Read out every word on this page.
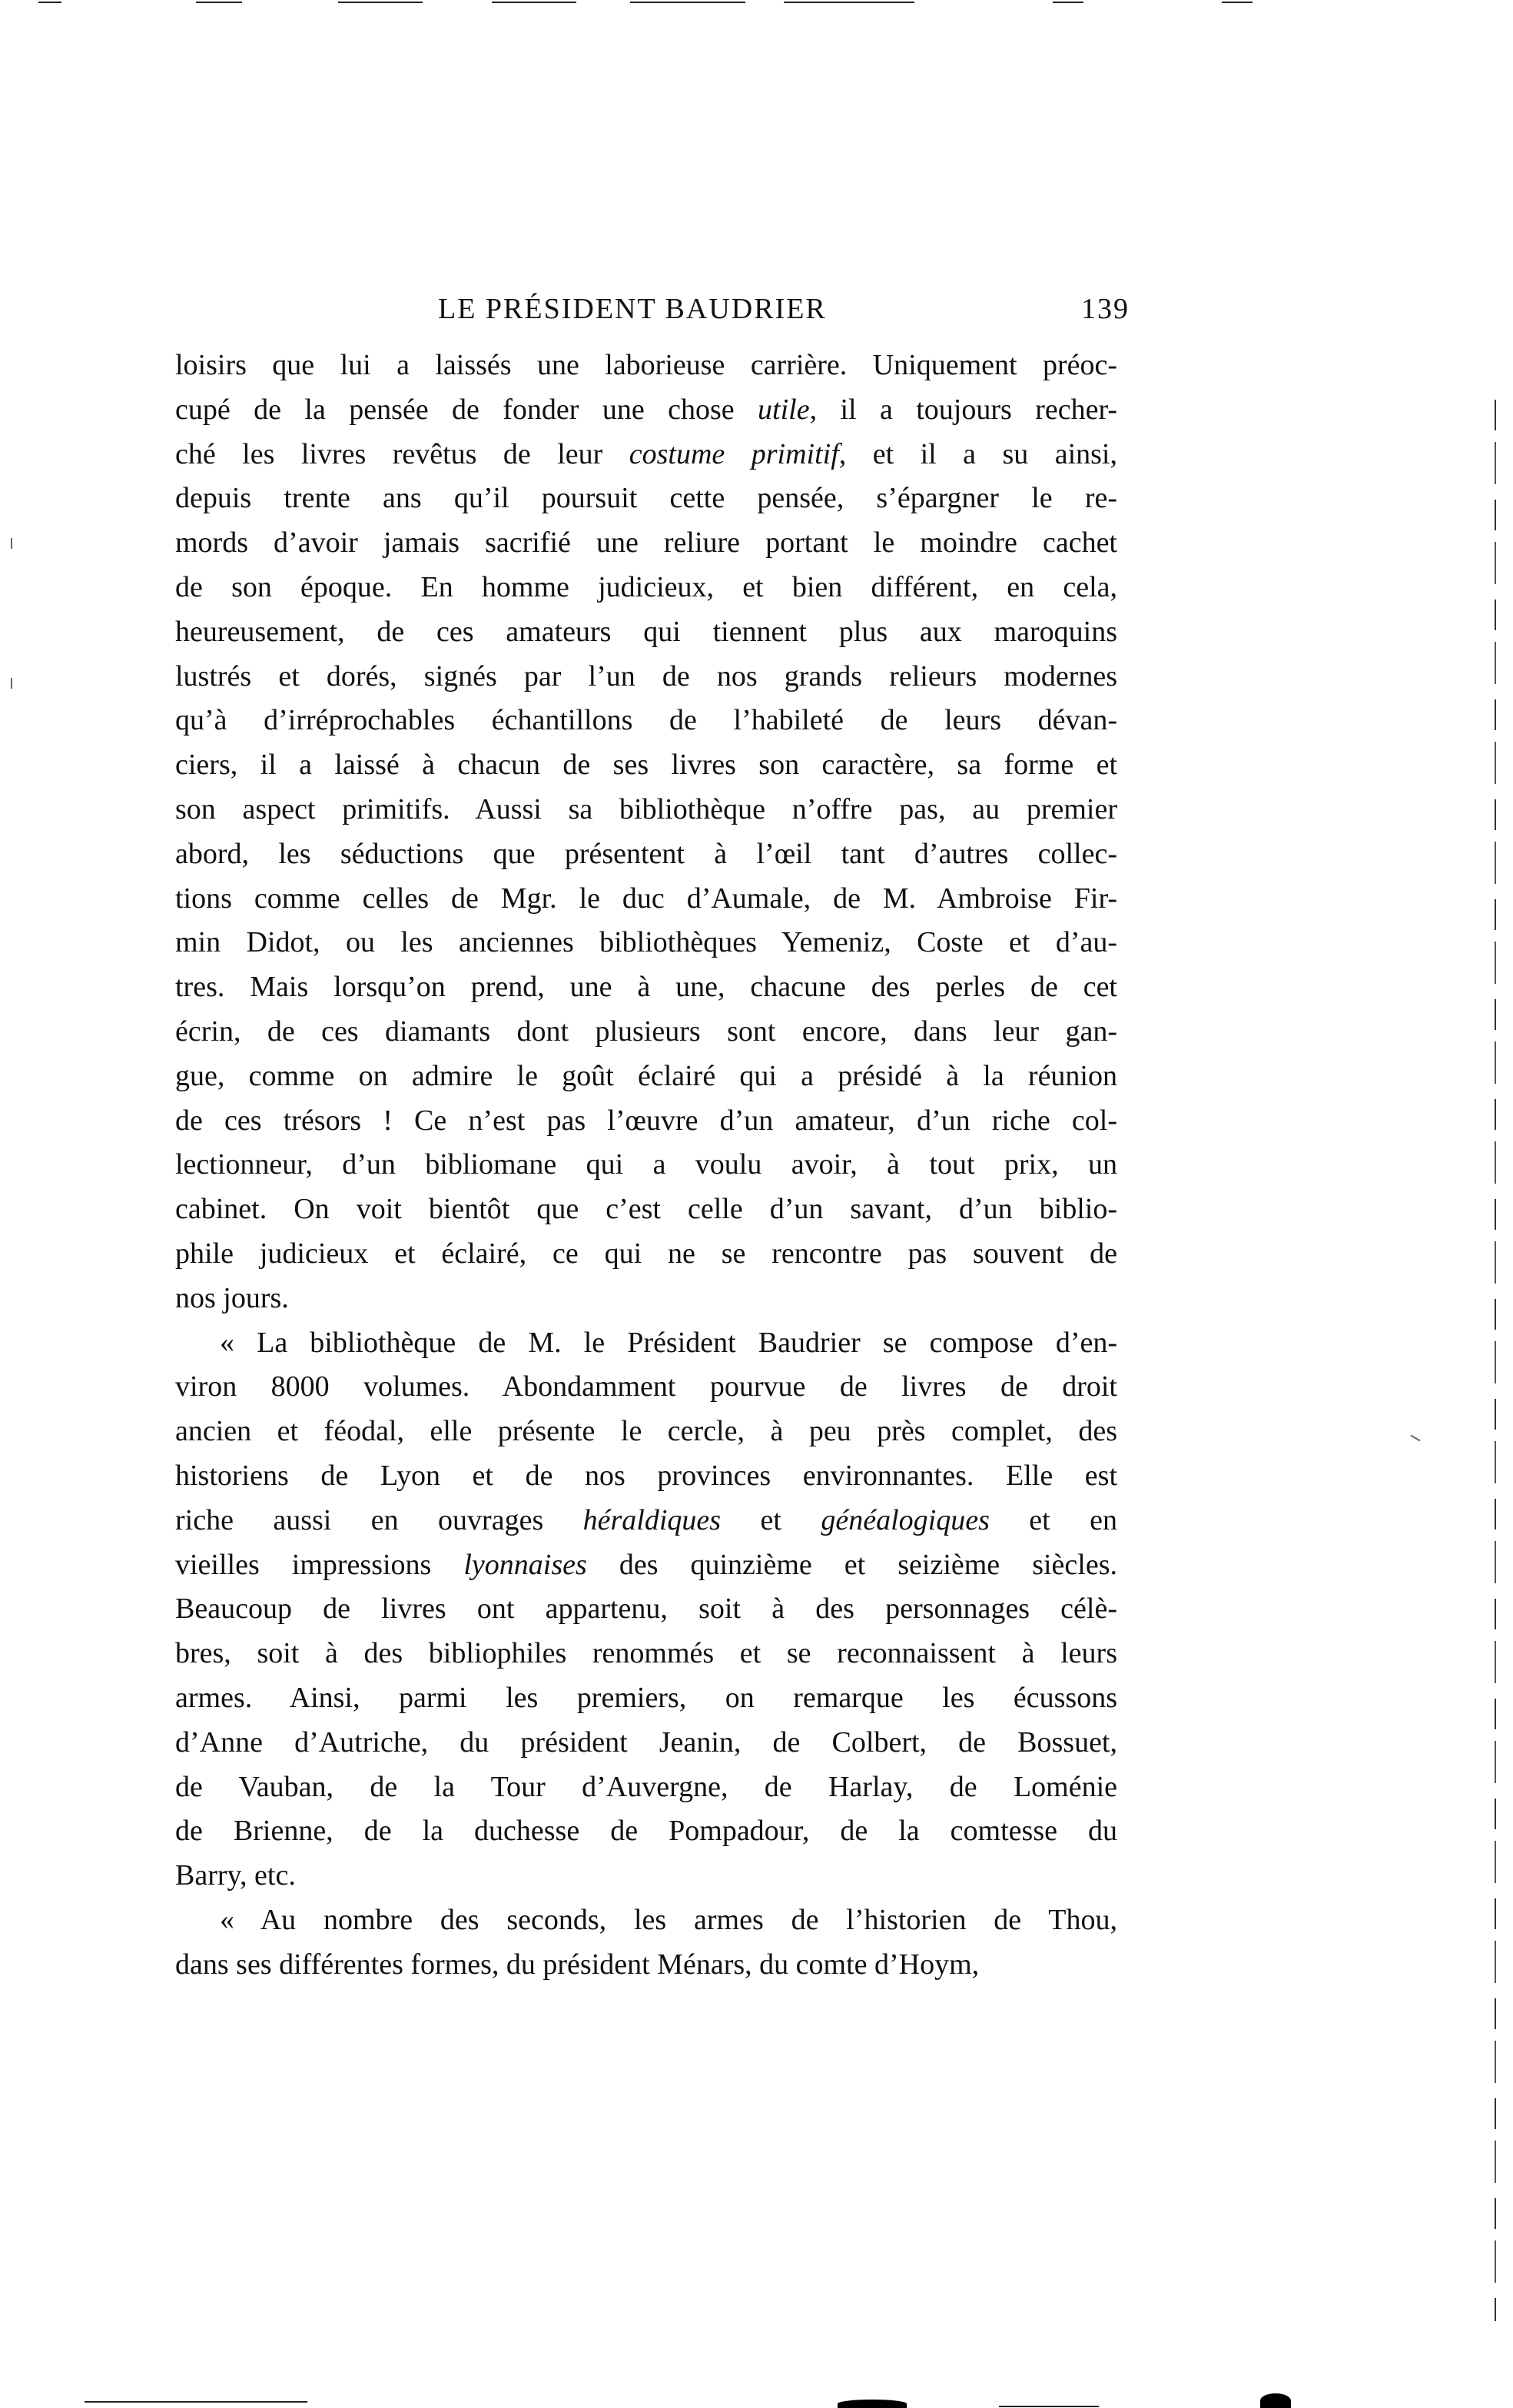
LE PRÉSIDENT BAUDRIER	139
loisirs que lui a laissés une laborieuse carrière. Uniquement préoc-
cupé de la pensée de fonder une chose utile, il a toujours recher-
ché les livres revêtus de leur costume primitif, et il a su ainsi,
depuis trente ans qu’il poursuit cette pensée, s’épargner le re-
mords d’avoir jamais sacrifié une reliure portant le moindre cachet
de son époque. En homme judicieux, et bien différent, en cela,
heureusement, de ces amateurs qui tiennent plus aux maroquins
lustrés et dorés, signés par l’un de nos grands relieurs modernes
qu’à d’irréprochables échantillons de l’habileté de leurs dévan-
ciers, il a laissé à chacun de ses livres son caractère, sa forme et
son aspect primitifs. Aussi sa bibliothèque n’offre pas, au premier
abord, les séductions que présentent à l’œil tant d’autres collec-
tions comme celles de Mgr. le duc d’Aumale, de M. Ambroise Fir-
min Didot, ou les anciennes bibliothèques Yemeniz, Coste et d’au-
tres. Mais lorsqu’on prend, une à une, chacune des perles de cet
écrin, de ces diamants dont plusieurs sont encore, dans leur gan-
gue, comme on admire le goût éclairé qui a présidé à la réunion
de ces trésors ! Ce n’est pas l’œuvre d’un amateur, d’un riche col-
lectionneur, d’un bibliomane qui a voulu avoir, à tout prix, un
cabinet. On voit bientôt que c’est celle d’un savant, d’un biblio-
phile judicieux et éclairé, ce qui ne se rencontre pas souvent de
nos jours.
« La bibliothèque de M. le Président Baudrier se compose d’en-
viron 8000 volumes. Abondamment pourvue de livres de droit
ancien et féodal, elle présente le cercle, à peu près complet, des
historiens de Lyon et de nos provinces environnantes. Elle est
riche aussi en ouvrages héraldiques et généalogiques et en
vieilles impressions lyonnaises des quinzième et seizième siècles.
Beaucoup de livres ont appartenu, soit à des personnages célè-
bres, soit à des bibliophiles renommés et se reconnaissent à leurs
armes. Ainsi, parmi les premiers, on remarque les écussons
d’Anne d’Autriche, du président Jeanin, de Colbert, de Bossuet,
de Vauban, de la Tour d’Auvergne, de Harlay, de Loménie
de Brienne, de la duchesse de Pompadour, de la comtesse du
Barry, etc.
« Au nombre des seconds, les armes de l’historien de Thou,
dans ses différentes formes, du président Ménars, du comte d’Hoym,
